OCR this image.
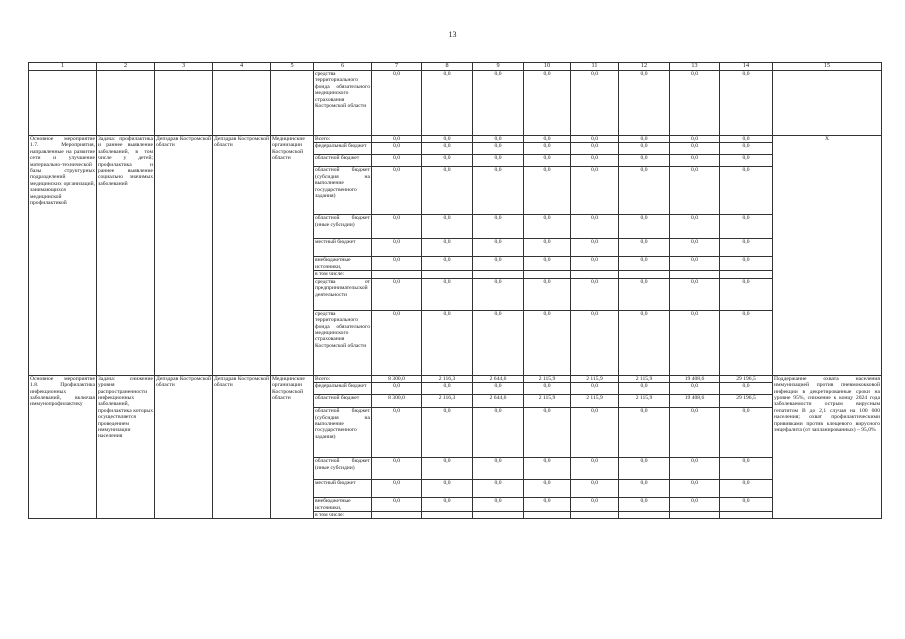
13
1	2	3	4	5	6	7	8	9	10	11	12	13	14	15
					средства территориального фонда обязательного медицинского страхования Костромской области	0,0	0,0	0,0	0,0	0,0	0,0	0,0	0,0	
Основное мероприятие 1.7. Мероприятия, направленные на развитие сети и улучшение материально-технической базы структурных подразделений медицинских организаций, занимающихся медицинской профилактикой	Задача: профилактика и раннее выявление заболеваний, в том числе у детей; профилактика и раннее выявление социально значимых заболеваний	Депздрав Костромской области	Депздрав Костромской области	Медицинские организации Костромской области	Всего:	0,0	0,0	0,0	0,0	0,0	0,0	0,0	0,0	Х
					федеральный бюджет	0,0	0,0	0,0	0,0	0,0	0,0	0,0	0,0	
					областной бюджет	0,0	0,0	0,0	0,0	0,0	0,0	0,0	0,0	
					областной бюджет (субсидия на выполнение государственного задания)	0,0	0,0	0,0	0,0	0,0	0,0	0,0	0,0	
					областной бюджет (иные субсидии)	0,0	0,0	0,0	0,0	0,0	0,0	0,0	0,0	
					местный бюджет	0,0	0,0	0,0	0,0	0,0	0,0	0,0	0,0	
					внебюджетные источники,	0,0	0,0	0,0	0,0	0,0	0,0	0,0	0,0	
					в том числе:									
					средства от предпринимательской деятельности	0,0	0,0	0,0	0,0	0,0	0,0	0,0	0,0	
					средства территориального фонда обязательного медицинского страхования Костромской области	0,0	0,0	0,0	0,0	0,0	0,0	0,0	0,0	
Основное мероприятие 1.8. Профилактика инфекционных заболеваний, включая иммунопрофилактику	Задача: снижение уровня распространенности инфекционных заболеваний, профилактика которых осуществляется проведением иммунизации населения	Депздрав Костромской области	Депздрав Костромской области	Медицинские организации Костромской области	Всего:	8 300,0	2 116,3	2 644,6	2 115,9	2 115,9	2 115,9	19 408,6	29 196,5	Поддержание охвата населения иммунизацией против пневмококковой инфекции в декретированные сроки на уровне 95%, снижение к концу 2024 года заболеваемости острым вирусным гепатитом В до 2,1 случая на 100 000 населения; охват профилактическими прививками против клещевого вирусного энцефалита (от запланированных) – 95,0%
					федеральный бюджет	0,0	0,0	0,0	0,0	0,0	0,0	0,0	0,0	
					областной бюджет	8 300,0	2 116,3	2 644,6	2 115,9	2 115,9	2 115,9	19 408,6	29 196,5	
					областной бюджет (субсидия на выполнение государственного задания)	0,0	0,0	0,0	0,0	0,0	0,0	0,0	0,0	
					областной бюджет (иные субсидии)	0,0	0,0	0,0	0,0	0,0	0,0	0,0	0,0	
					местный бюджет	0,0	0,0	0,0	0,0	0,0	0,0	0,0	0,0	
					внебюджетные источники,	0,0	0,0	0,0	0,0	0,0	0,0	0,0	0,0	
					в том числе:									
